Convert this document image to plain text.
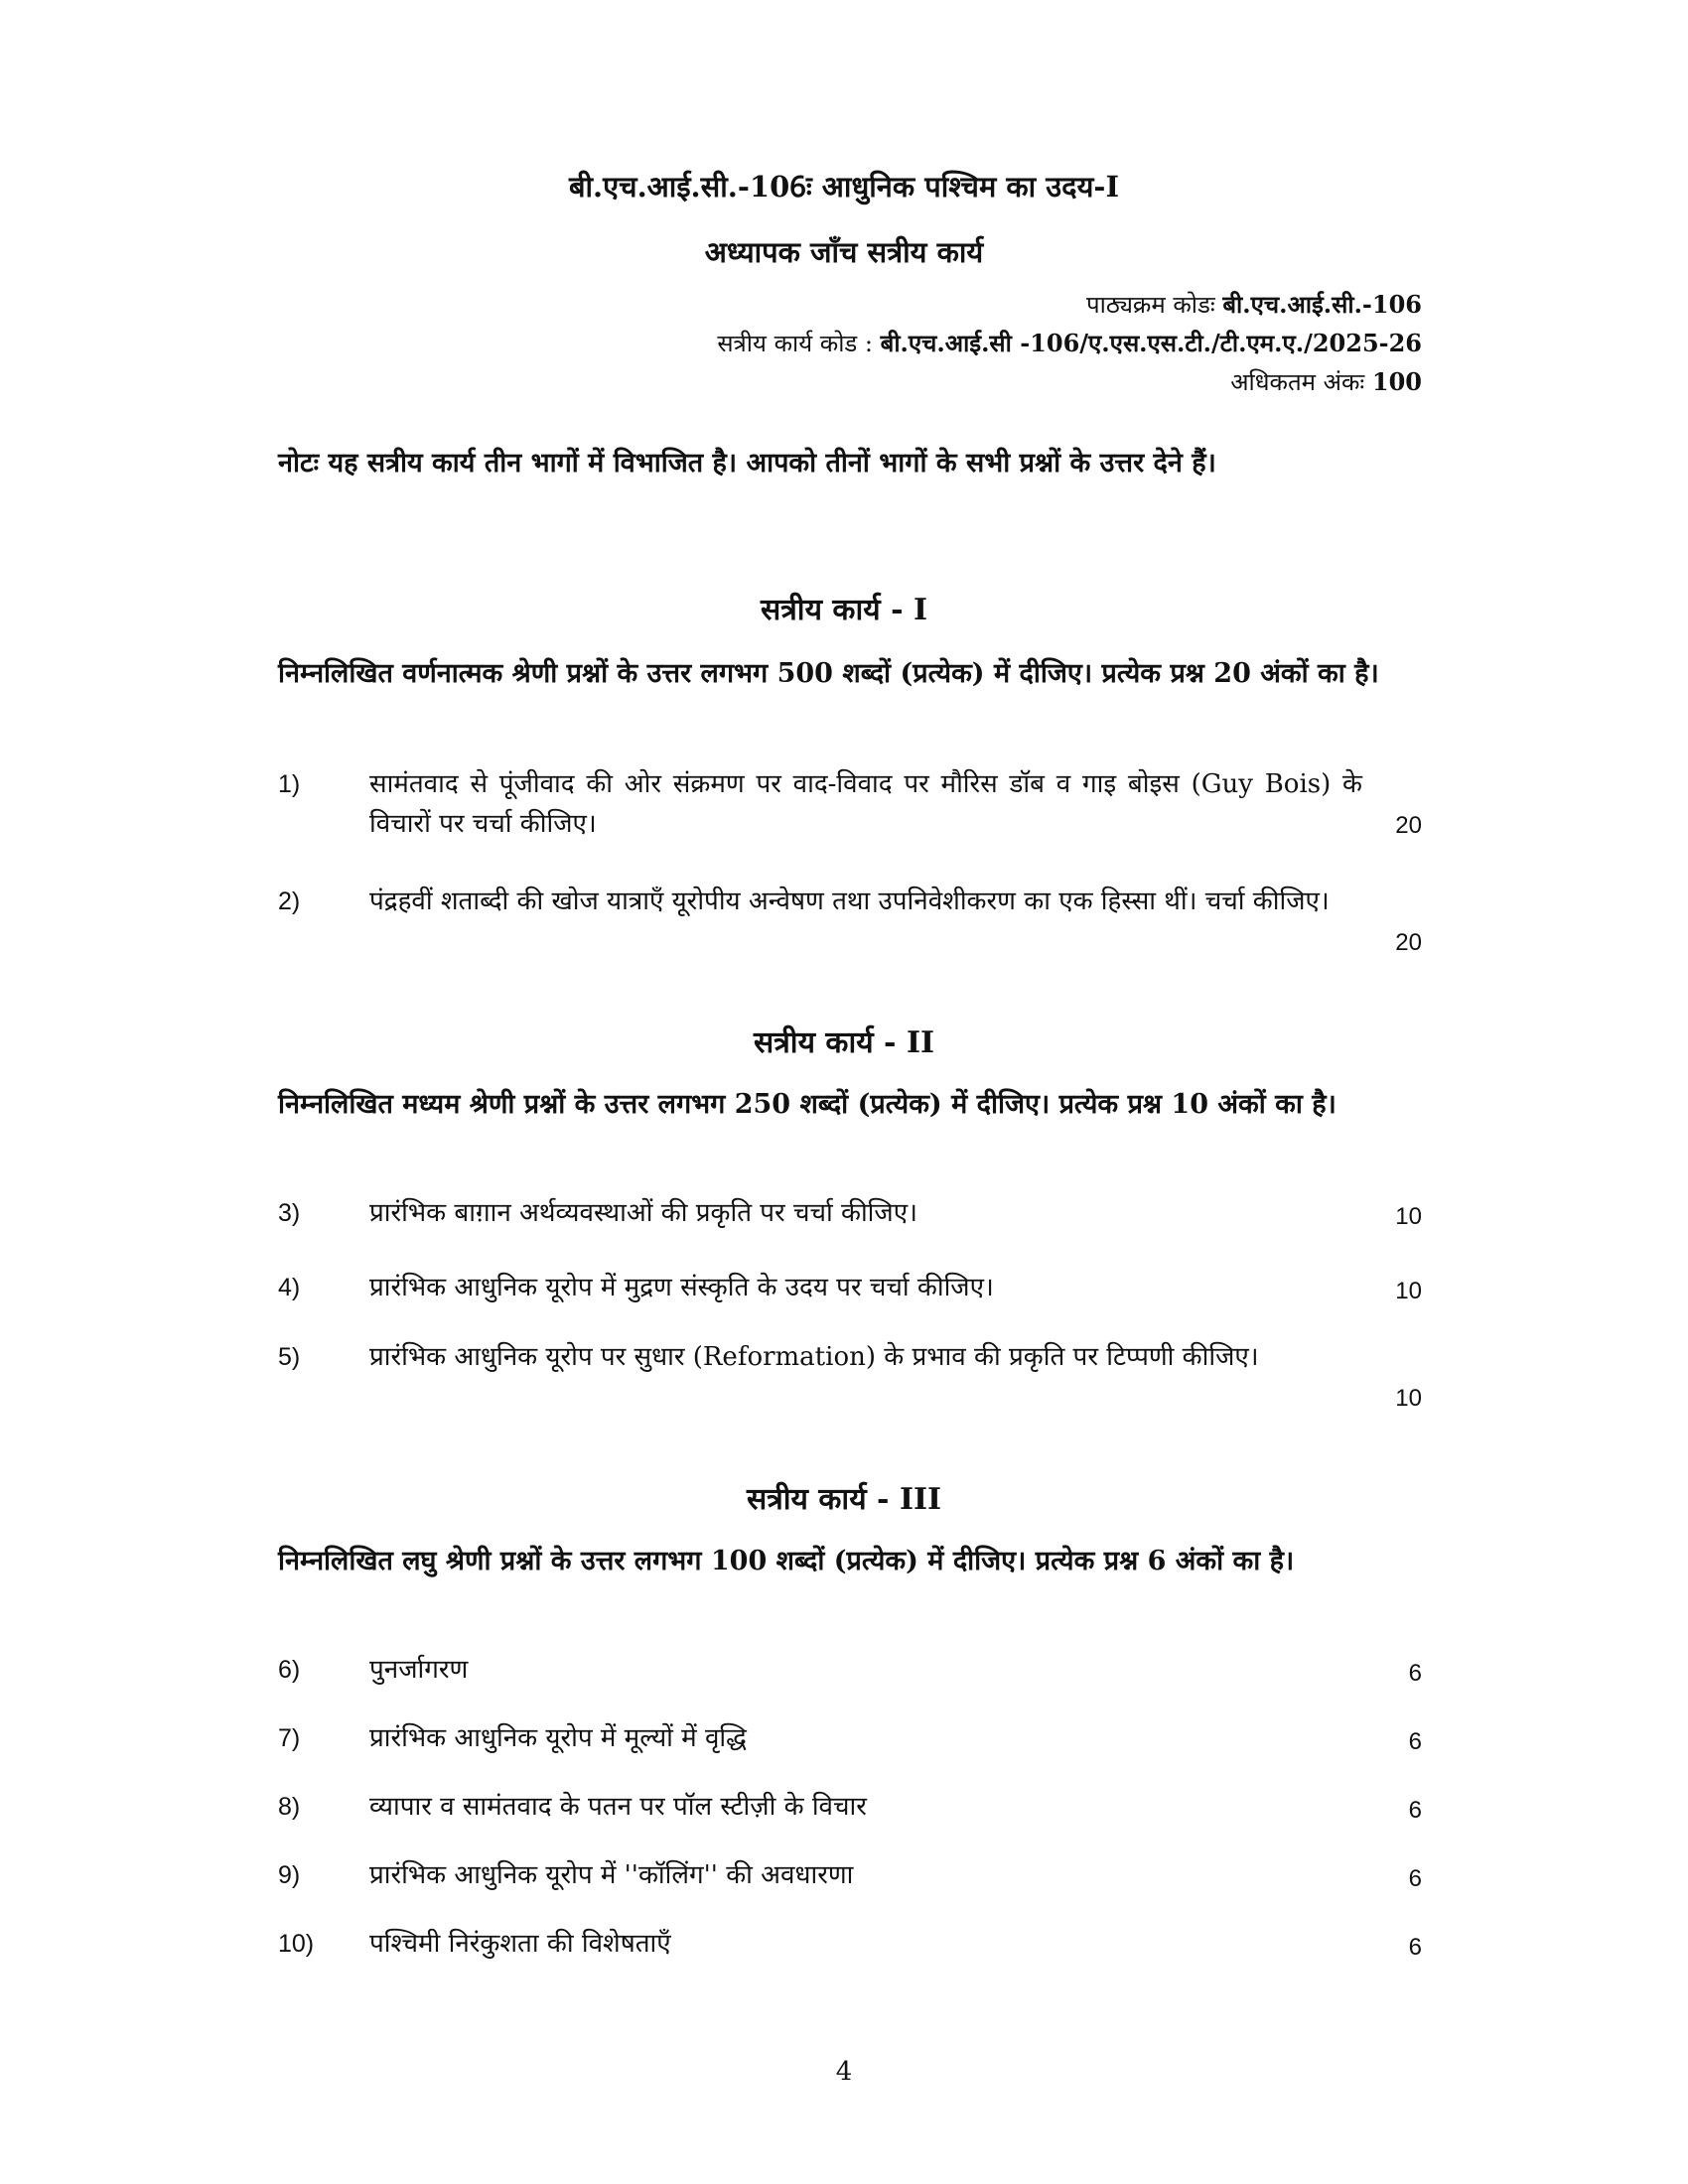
बी.एच.आई.सी.-106ः आधुनिक पश्चिम का उदय-I
अध्यापक जाँच सत्रीय कार्य
पाठ्यक्रम कोडः बी.एच.आई.सी.-106
सत्रीय कार्य कोड : बी.एच.आई.सी -106/ए.एस.एस.टी./टी.एम.ए./2025-26
अधिकतम अंकः 100
नोटः यह सत्रीय कार्य तीन भागों में विभाजित है। आपको तीनों भागों के सभी प्रश्नों के उत्तर देने हैं।
सत्रीय कार्य - I
निम्नलिखित वर्णनात्मक श्रेणी प्रश्नों के उत्तर लगभग 500 शब्दों (प्रत्येक) में दीजिए। प्रत्येक प्रश्न 20 अंकों का है।
1)	सामंतवाद से पूंजीवाद की ओर संक्रमण पर वाद-विवाद पर मौरिस डॉब व गाइ बोइस (Guy Bois) के विचारों पर चर्चा कीजिए।	20
2)	पंद्रहवीं शताब्दी की खोज यात्राएँ यूरोपीय अन्वेषण तथा उपनिवेशीकरण का एक हिस्सा थीं। चर्चा कीजिए।
20
सत्रीय कार्य - II
निम्नलिखित मध्यम श्रेणी प्रश्नों के उत्तर लगभग 250 शब्दों (प्रत्येक) में दीजिए। प्रत्येक प्रश्न 10 अंकों का है।
3)	प्रारंभिक बाग़ान अर्थव्यवस्थाओं की प्रकृति पर चर्चा कीजिए।	10
4)	प्रारंभिक आधुनिक यूरोप में मुद्रण संस्कृति के उदय पर चर्चा कीजिए।	10
5)	प्रारंभिक आधुनिक यूरोप पर सुधार (Reformation) के प्रभाव की प्रकृति पर टिप्पणी कीजिए।
10
सत्रीय कार्य - III
निम्नलिखित लघु श्रेणी प्रश्नों के उत्तर लगभग 100 शब्दों (प्रत्येक) में दीजिए। प्रत्येक प्रश्न 6 अंकों का है।
6)	पुनर्जागरण	6
7)	प्रारंभिक आधुनिक यूरोप में मूल्यों में वृद्धि	6
8)	व्यापार व सामंतवाद के पतन पर पॉल स्टीज़ी के विचार	6
9)	प्रारंभिक आधुनिक यूरोप में ''कॉलिंग'' की अवधारणा	6
10) पश्चिमी निरंकुशता की विशेषताएँ	6
4
